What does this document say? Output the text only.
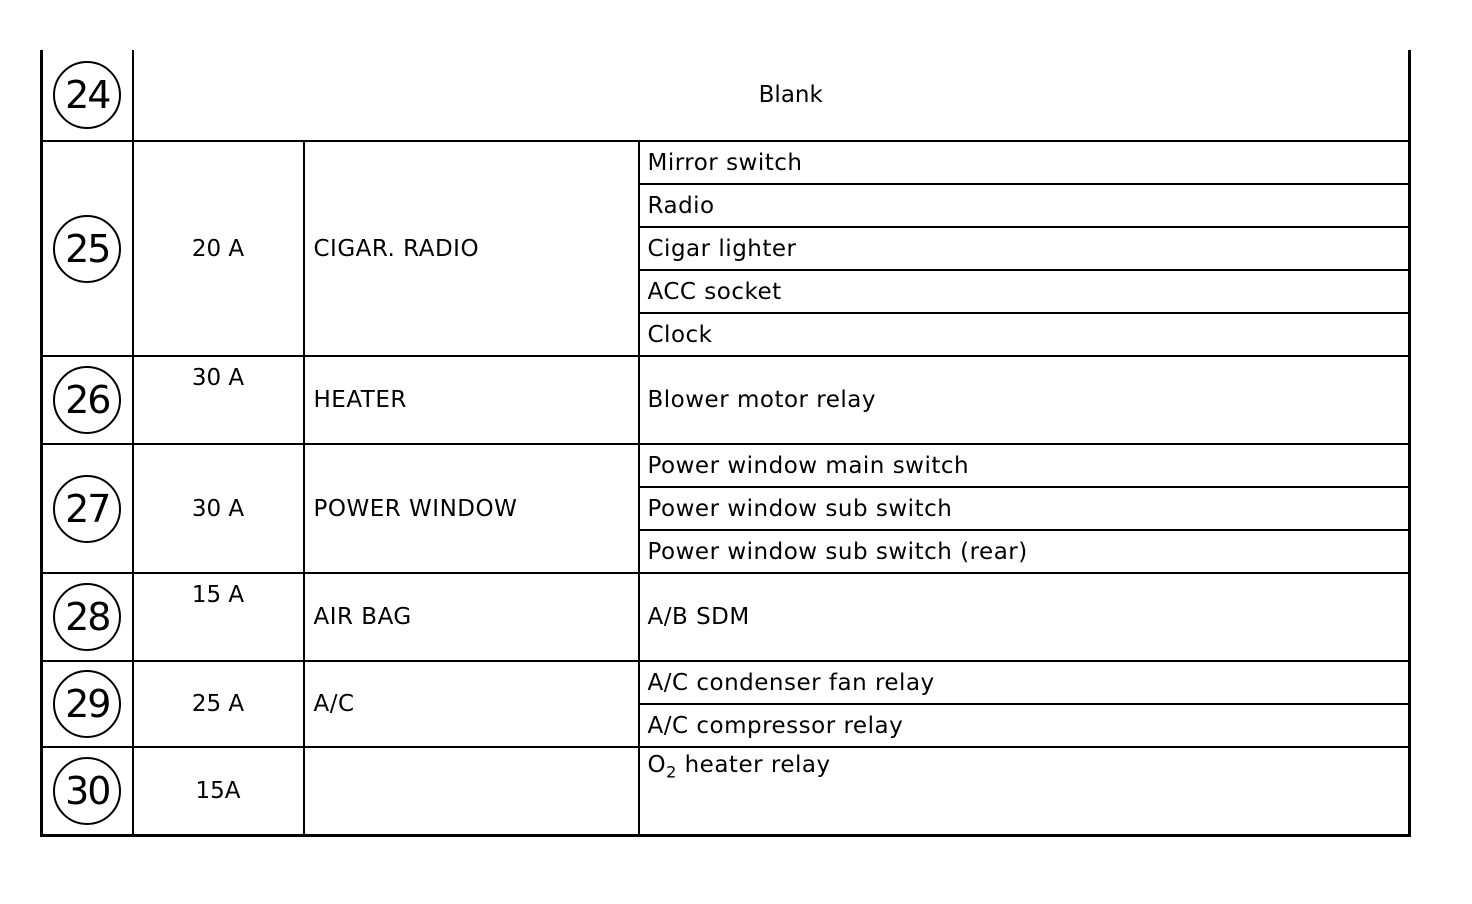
24	Blank		

25	20 A	CIGAR. RADIO	Mirror switch
			Radio
			Cigar lighter
			ACC socket
			Clock

26	30 A	HEATER	Blower motor relay

27	30 A	POWER WINDOW	Power window main switch
			Power window sub switch
			Power window sub switch (rear)

28	15 A	AIR BAG	A/B SDM

29	25 A	A/C	A/C condenser fan relay
			A/C compressor relay

30	15A		$O_2$ heater relay
